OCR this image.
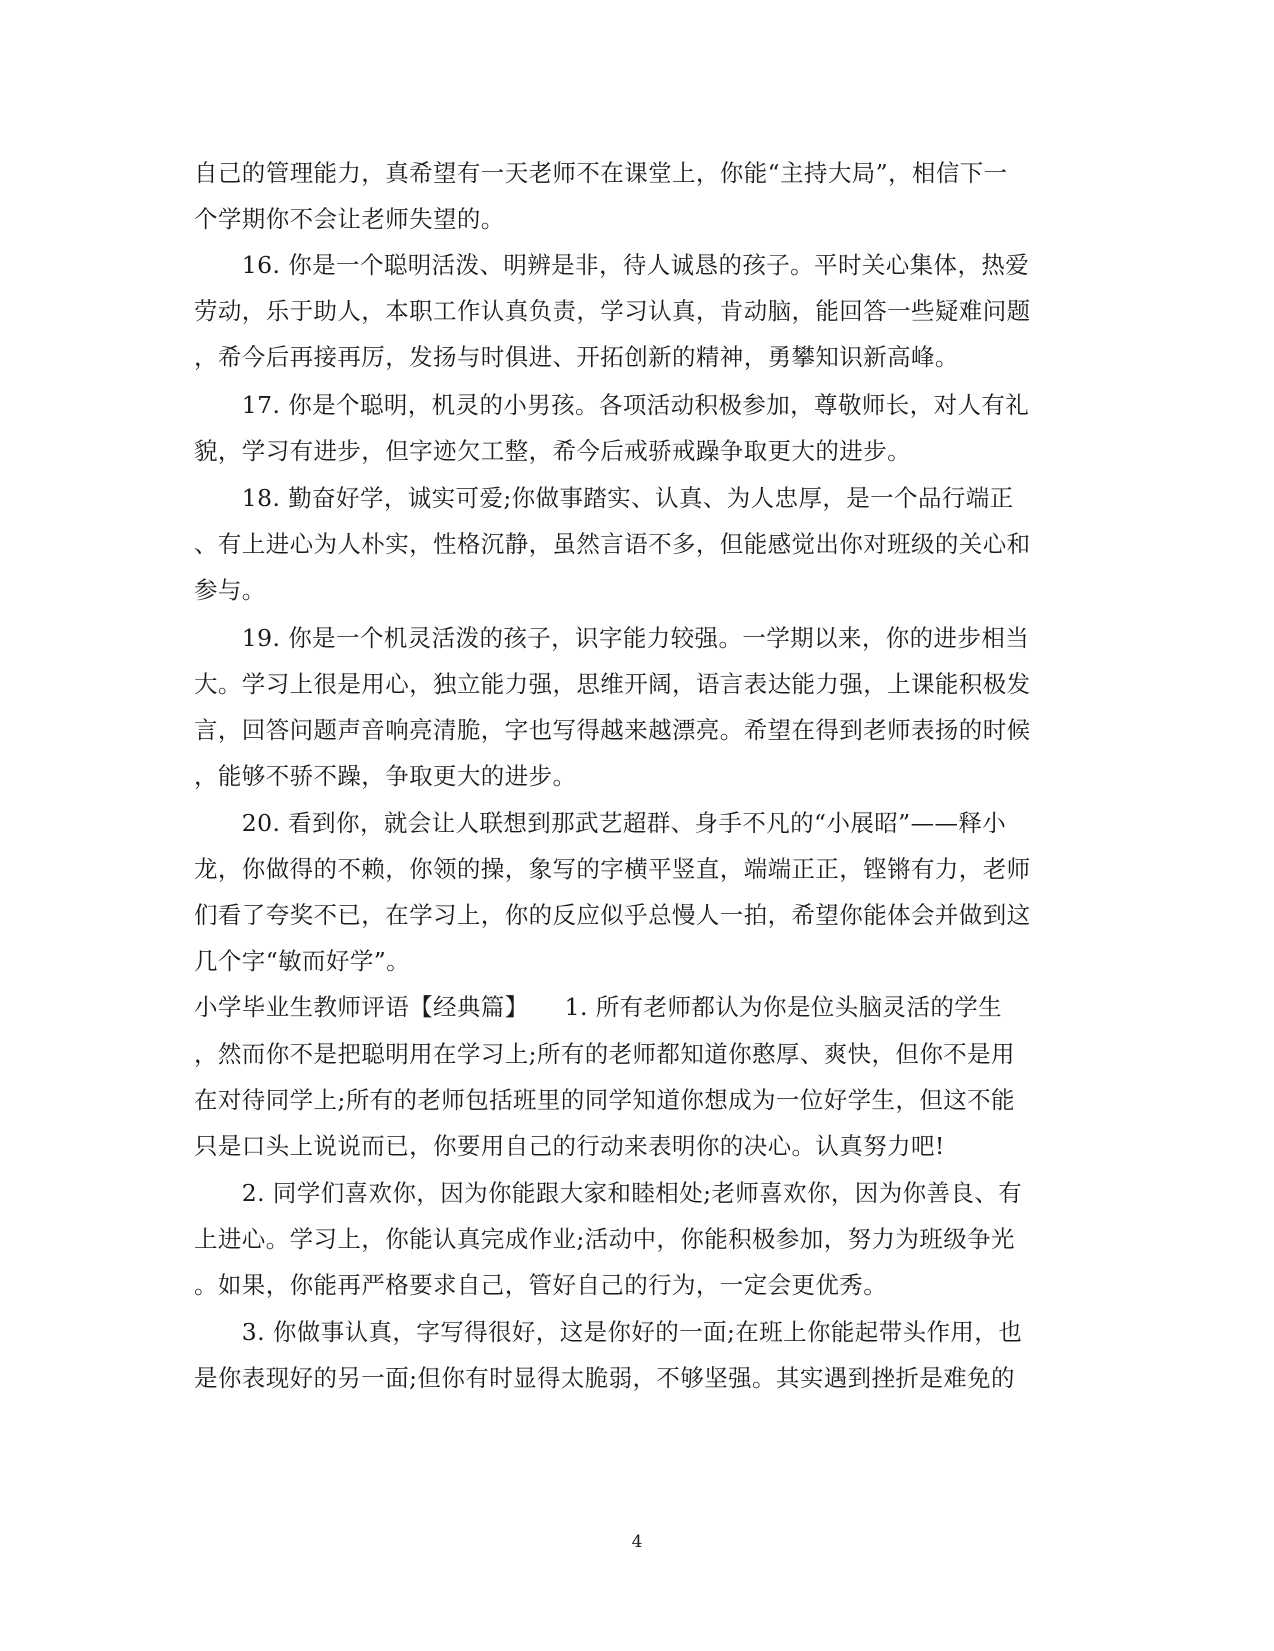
自己的管理能力，真希望有一天老师不在课堂上，你能“主持大局”，相信下一
个学期你不会让老师失望的。
　　16. 你是一个聪明活泼、明辨是非，待人诚恳的孩子。平时关心集体，热爱
劳动，乐于助人，本职工作认真负责，学习认真，肯动脑，能回答一些疑难问题
，希今后再接再厉，发扬与时俱进、开拓创新的精神，勇攀知识新高峰。
　　17. 你是个聪明，机灵的小男孩。各项活动积极参加，尊敬师长，对人有礼
貌，学习有进步，但字迹欠工整，希今后戒骄戒躁争取更大的进步。
　　18. 勤奋好学，诚实可爱;你做事踏实、认真、为人忠厚，是一个品行端正
、有上进心为人朴实，性格沉静，虽然言语不多，但能感觉出你对班级的关心和
参与。
　　19. 你是一个机灵活泼的孩子，识字能力较强。一学期以来，你的进步相当
大。学习上很是用心，独立能力强，思维开阔，语言表达能力强，上课能积极发
言，回答问题声音响亮清脆，字也写得越来越漂亮。希望在得到老师表扬的时候
，能够不骄不躁，争取更大的进步。
　　20. 看到你，就会让人联想到那武艺超群、身手不凡的“小展昭”——释小
龙，你做得的不赖，你领的操，象写的字横平竖直，端端正正，铿锵有力，老师
们看了夸奖不已，在学习上，你的反应似乎总慢人一拍，希望你能体会并做到这
几个字“敏而好学”。
小学毕业生教师评语【经典篇】　　1. 所有老师都认为你是位头脑灵活的学生
，然而你不是把聪明用在学习上;所有的老师都知道你憨厚、爽快，但你不是用
在对待同学上;所有的老师包括班里的同学知道你想成为一位好学生，但这不能
只是口头上说说而已，你要用自己的行动来表明你的决心。认真努力吧!
　　2. 同学们喜欢你，因为你能跟大家和睦相处;老师喜欢你，因为你善良、有
上进心。学习上，你能认真完成作业;活动中，你能积极参加，努力为班级争光
。如果，你能再严格要求自己，管好自己的行为，一定会更优秀。
　　3. 你做事认真，字写得很好，这是你好的一面;在班上你能起带头作用，也
是你表现好的另一面;但你有时显得太脆弱，不够坚强。其实遇到挫折是难免的
4
